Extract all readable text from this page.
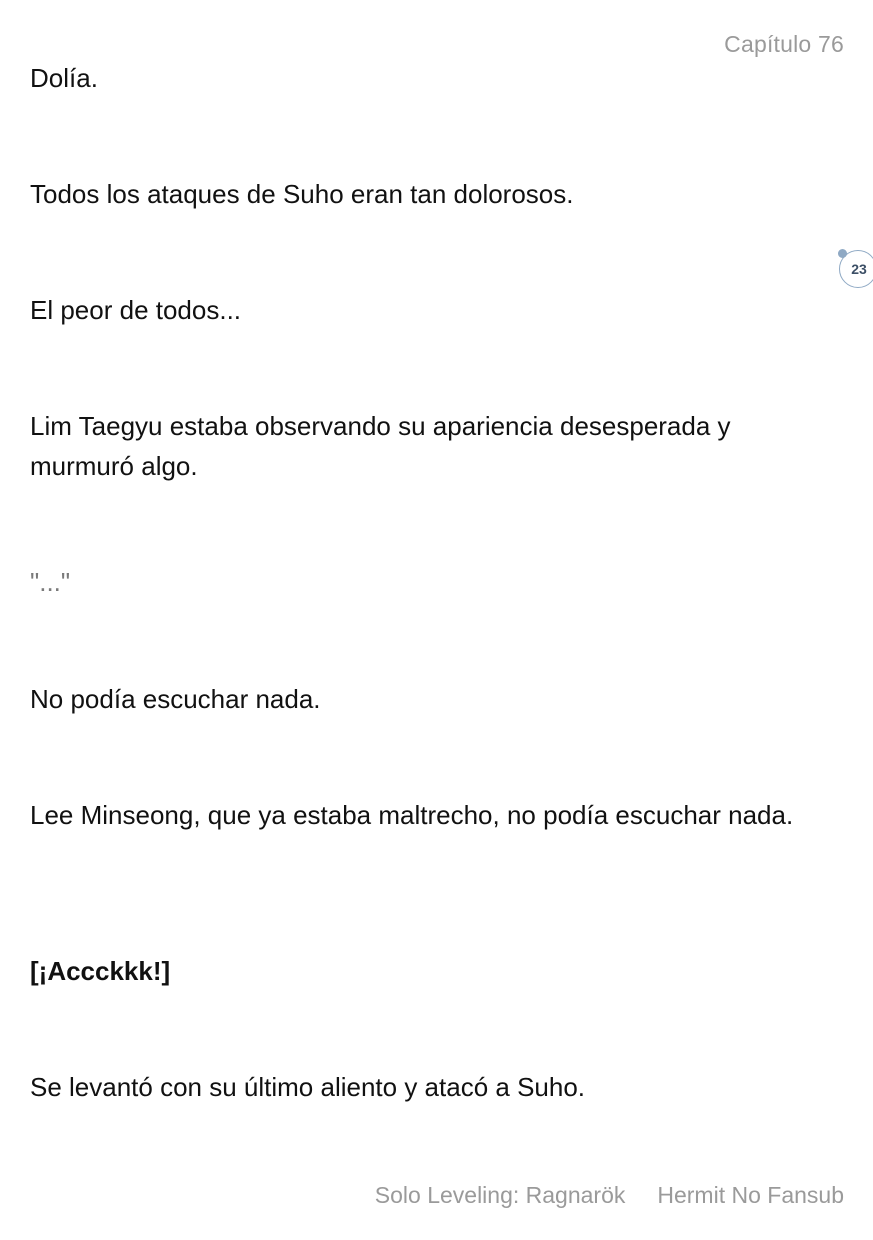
Capítulo 76

Dolía.

Todos los ataques de Suho eran tan dolorosos.

El peor de todos...

Lim Taegyu estaba observando su apariencia desesperada y murmuró algo.

"..."

No podía escuchar nada.

Lee Minseong, que ya estaba maltrecho, no podía escuchar nada.

[¡Accckkk!]

Se levantó con su último aliento y atacó a Suho.

23
Solo Leveling: Ragnarök Hermit No Fansub
